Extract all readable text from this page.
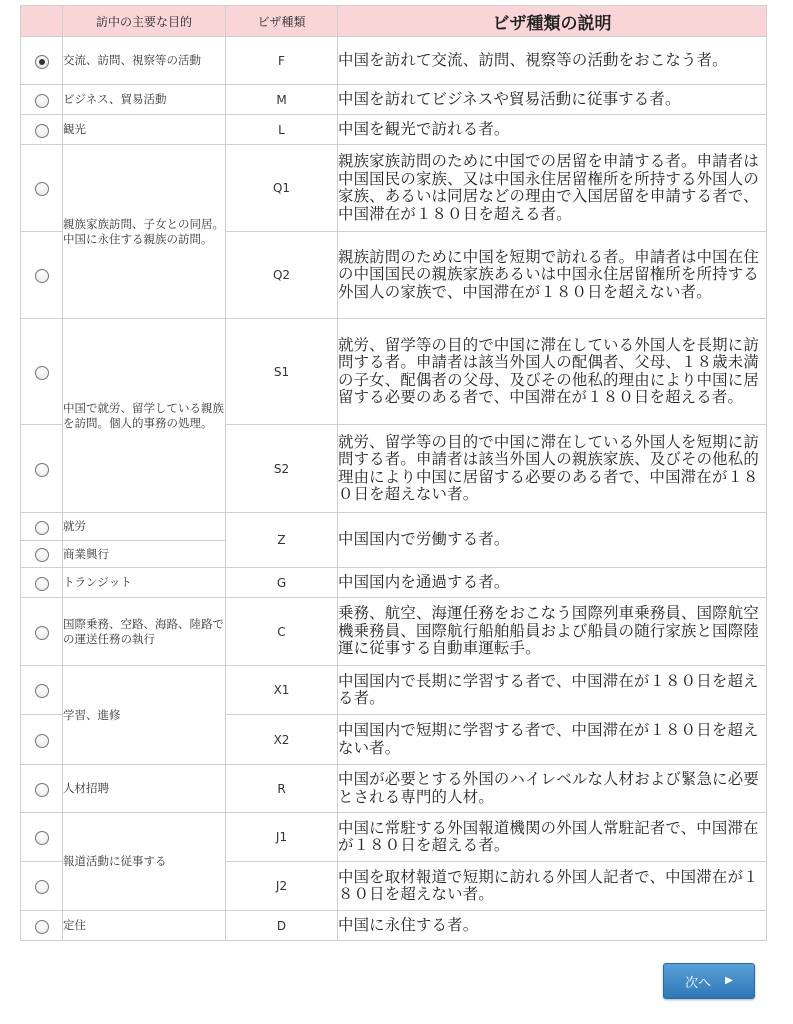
	訪中の主要な目的	ビザ種類	ビザ種類の説明
	交流、訪問、視察等の活動	F	中国を訪れて交流、訪問、視察等の活動をおこなう者。
	ビジネス、貿易活動	M	中国を訪れてビジネスや貿易活動に従事する者。
	観光	L	中国を観光で訪れる者。
	親族家族訪問、子女との同居。中国に永住する親族の訪問。	Q1	親族家族訪問のために中国での居留を申請する者。申請者は中国国民の家族、又は中国永住居留権所を所持する外国人の家族、あるいは同居などの理由で入国居留を申請する者で、中国滞在が１８０日を超える者。
		Q2	親族訪問のために中国を短期で訪れる者。申請者は中国在住の中国国民の親族家族あるいは中国永住居留権所を所持する外国人の家族で、中国滞在が１８０日を超えない者。
	中国で就労、留学している親族を訪問。個人的事務の処理。	S1	就労、留学等の目的で中国に滞在している外国人を長期に訪問する者。申請者は該当外国人の配偶者、父母、１８歳未満の子女、配偶者の父母、及びその他私的理由により中国に居留する必要のある者で、中国滞在が１８０日を超える者。
		S2	就労、留学等の目的で中国に滞在している外国人を短期に訪問する者。申請者は該当外国人の親族家族、及びその他私的理由により中国に居留する必要のある者で、中国滞在が１８０日を超えない者。
	就労	Z	中国国内で労働する者。
	商業興行		
	トランジット	G	中国国内を通過する者。
	国際乗務、空路、海路、陸路での運送任務の執行	C	乗務、航空、海運任務をおこなう国際列車乗務員、国際航空機乗務員、国際航行船舶船員および船員の随行家族と国際陸運に従事する自動車運転手。
	学習、進修	X1	中国国内で長期に学習する者で、中国滞在が１８０日を超える者。
		X2	中国国内で短期に学習する者で、中国滞在が１８０日を超えない者。
	人材招聘	R	中国が必要とする外国のハイレベルな人材および緊急に必要とされる専門的人材。
	報道活動に従事する	J1	中国に常駐する外国報道機関の外国人常駐記者で、中国滞在が１８０日を超える者。
		J2	中国を取材報道で短期に訪れる外国人記者で、中国滞在が１８０日を超えない者。
	定住	D	中国に永住する者。
次へ ▶
